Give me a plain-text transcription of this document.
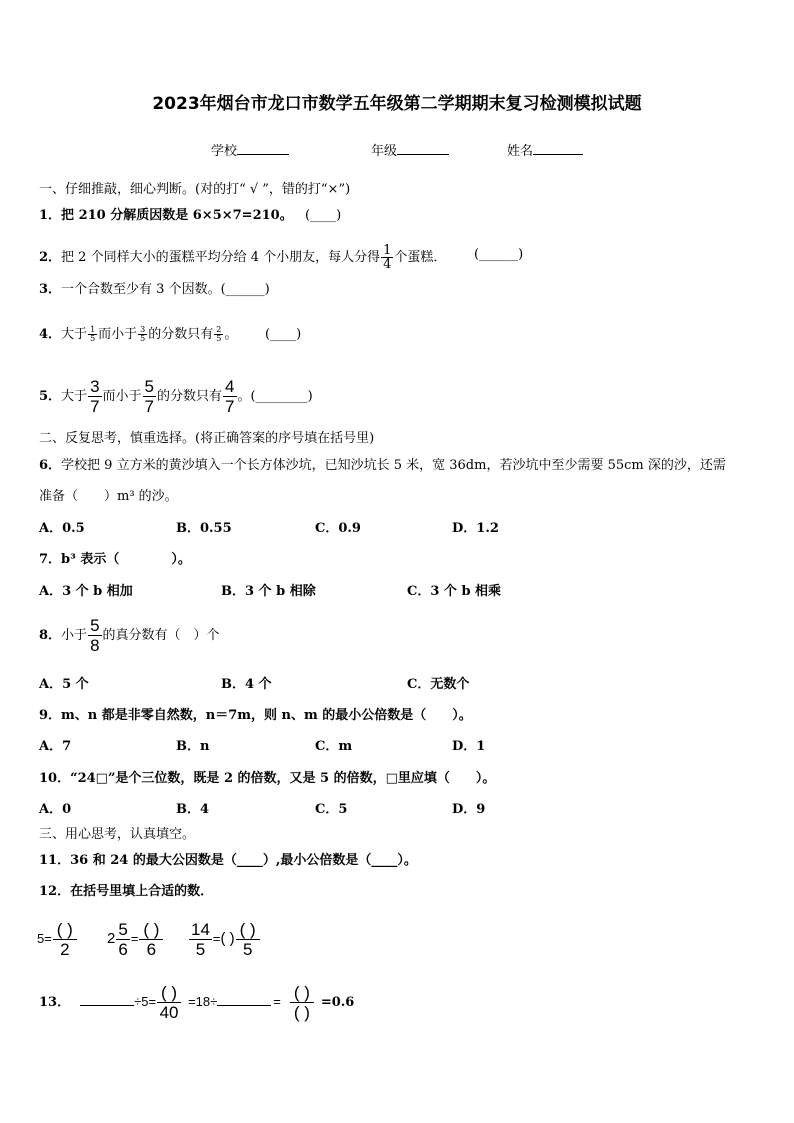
2023年烟台市龙口市数学五年级第二学期期末复习检测模拟试题
学校	年级	姓名
一、仔细推敲，细心判断。(对的打“ √ ”，错的打“×”)
1．把 210 分解质因数是 6×5×7=210。 (____)
2．把 2 个同样大小的蛋糕平均分给 4 个小朋友，每人分得 $\frac{1}{4}$ 个蛋糕． (______)
3．一个合数至少有 3 个因数。(______)
4．大于 $\frac{1}{5}$ 而小于 $\frac{3}{5}$ 的分数只有 $\frac{2}{5}$ 。 (____)
5．大于 $\frac{3}{7}$ 而小于 $\frac{5}{7}$ 的分数只有 $\frac{4}{7}$ 。(________)
二、反复思考，慎重选择。(将正确答案的序号填在括号里)
6．学校把 9 立方米的黄沙填入一个长方体沙坑，已知沙坑长 5 米，宽 36dm，若沙坑中至少需要 55cm 深的沙，还需
准备（　　）m³ 的沙。
A．0.5	B．0.55	C．0.9	D．1.2
7．b³ 表示（　　　　）。
A．3 个 b 相加	B．3 个 b 相除	C．3 个 b 相乘
8．小于 $\frac{5}{8}$ 的真分数有（　）个
A．5 个	B．4 个	C．无数个
9．m、n 都是非零自然数，n＝7m，则 n、m 的最小公倍数是（　　）。
A．7	B．n	C．m	D．1
10．“24□”是个三位数，既是 2 的倍数，又是 5 的倍数，□里应填（　　）。
A．0	B．4	C．5	D．9
三、用心思考，认真填空。
11．36 和 24 的最大公因数是（____）,最小公倍数是（____）。
12．在括号里填上合适的数．
$5= \frac{( )}{2} 2 \frac{5}{6} = \frac{( )}{6} \frac{14}{5}$ =( ) $\frac{( )}{5}$
13．	$\div 5= \frac{( )}{40} =18\div$	= $\frac{( )}{( )} =0.6$
